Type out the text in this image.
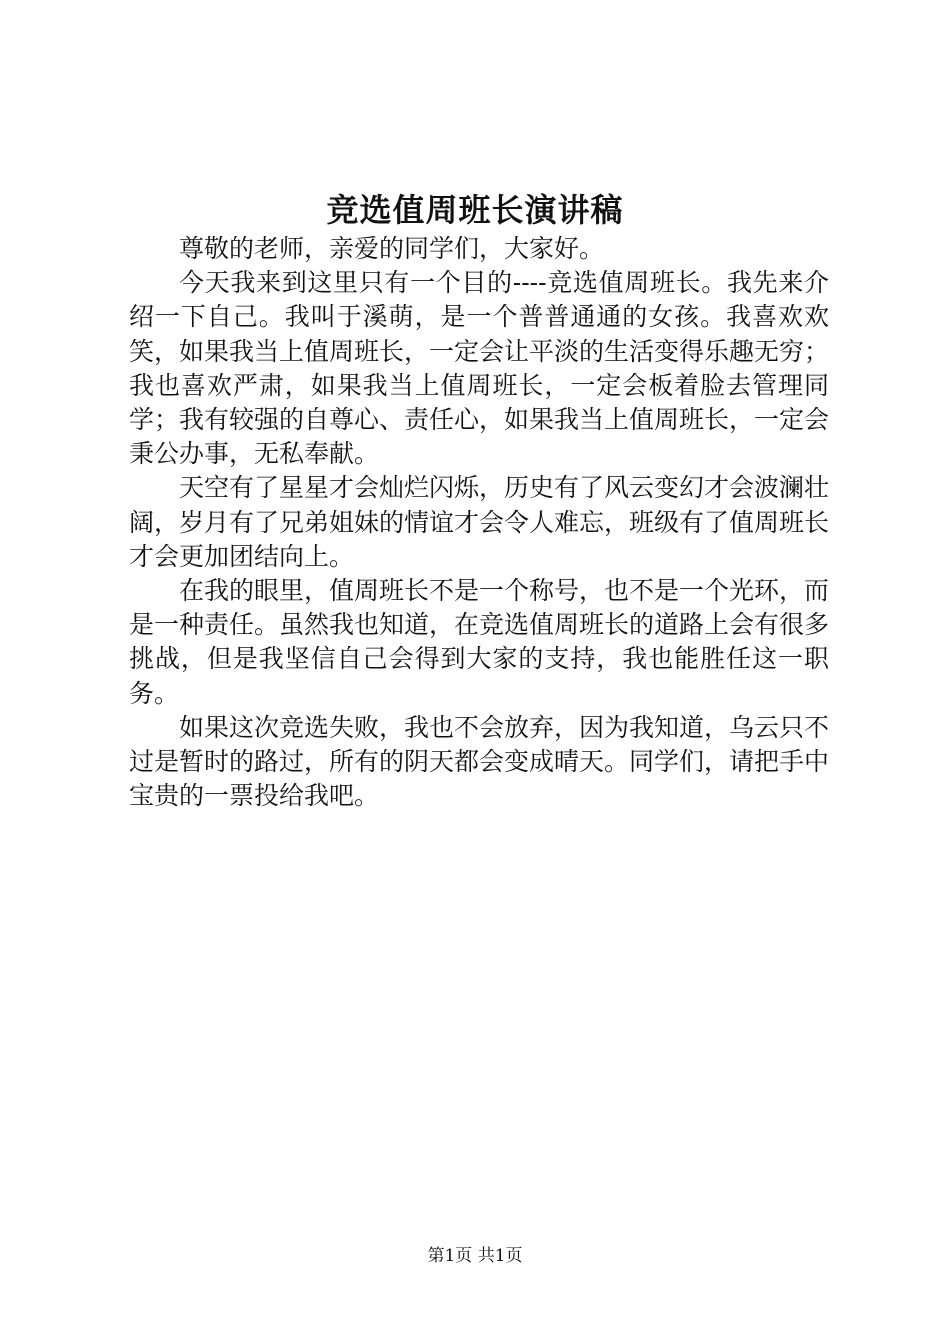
竞选值周班长演讲稿

尊敬的老师，亲爱的同学们，大家好。

今天我来到这里只有一个目的----竞选值周班长。我先来介绍一下自己。我叫于溪萌，是一个普普通通的女孩。我喜欢欢笑，如果我当上值周班长，一定会让平淡的生活变得乐趣无穷；我也喜欢严肃，如果我当上值周班长，一定会板着脸去管理同学；我有较强的自尊心、责任心，如果我当上值周班长，一定会秉公办事，无私奉献。

天空有了星星才会灿烂闪烁，历史有了风云变幻才会波澜壮阔，岁月有了兄弟姐妹的情谊才会令人难忘，班级有了值周班长才会更加团结向上。

在我的眼里，值周班长不是一个称号，也不是一个光环，而是一种责任。虽然我也知道，在竞选值周班长的道路上会有很多挑战，但是我坚信自己会得到大家的支持，我也能胜任这一职务。

如果这次竞选失败，我也不会放弃，因为我知道，乌云只不过是暂时的路过，所有的阴天都会变成晴天。同学们，请把手中宝贵的一票投给我吧。

第1页 共1页
